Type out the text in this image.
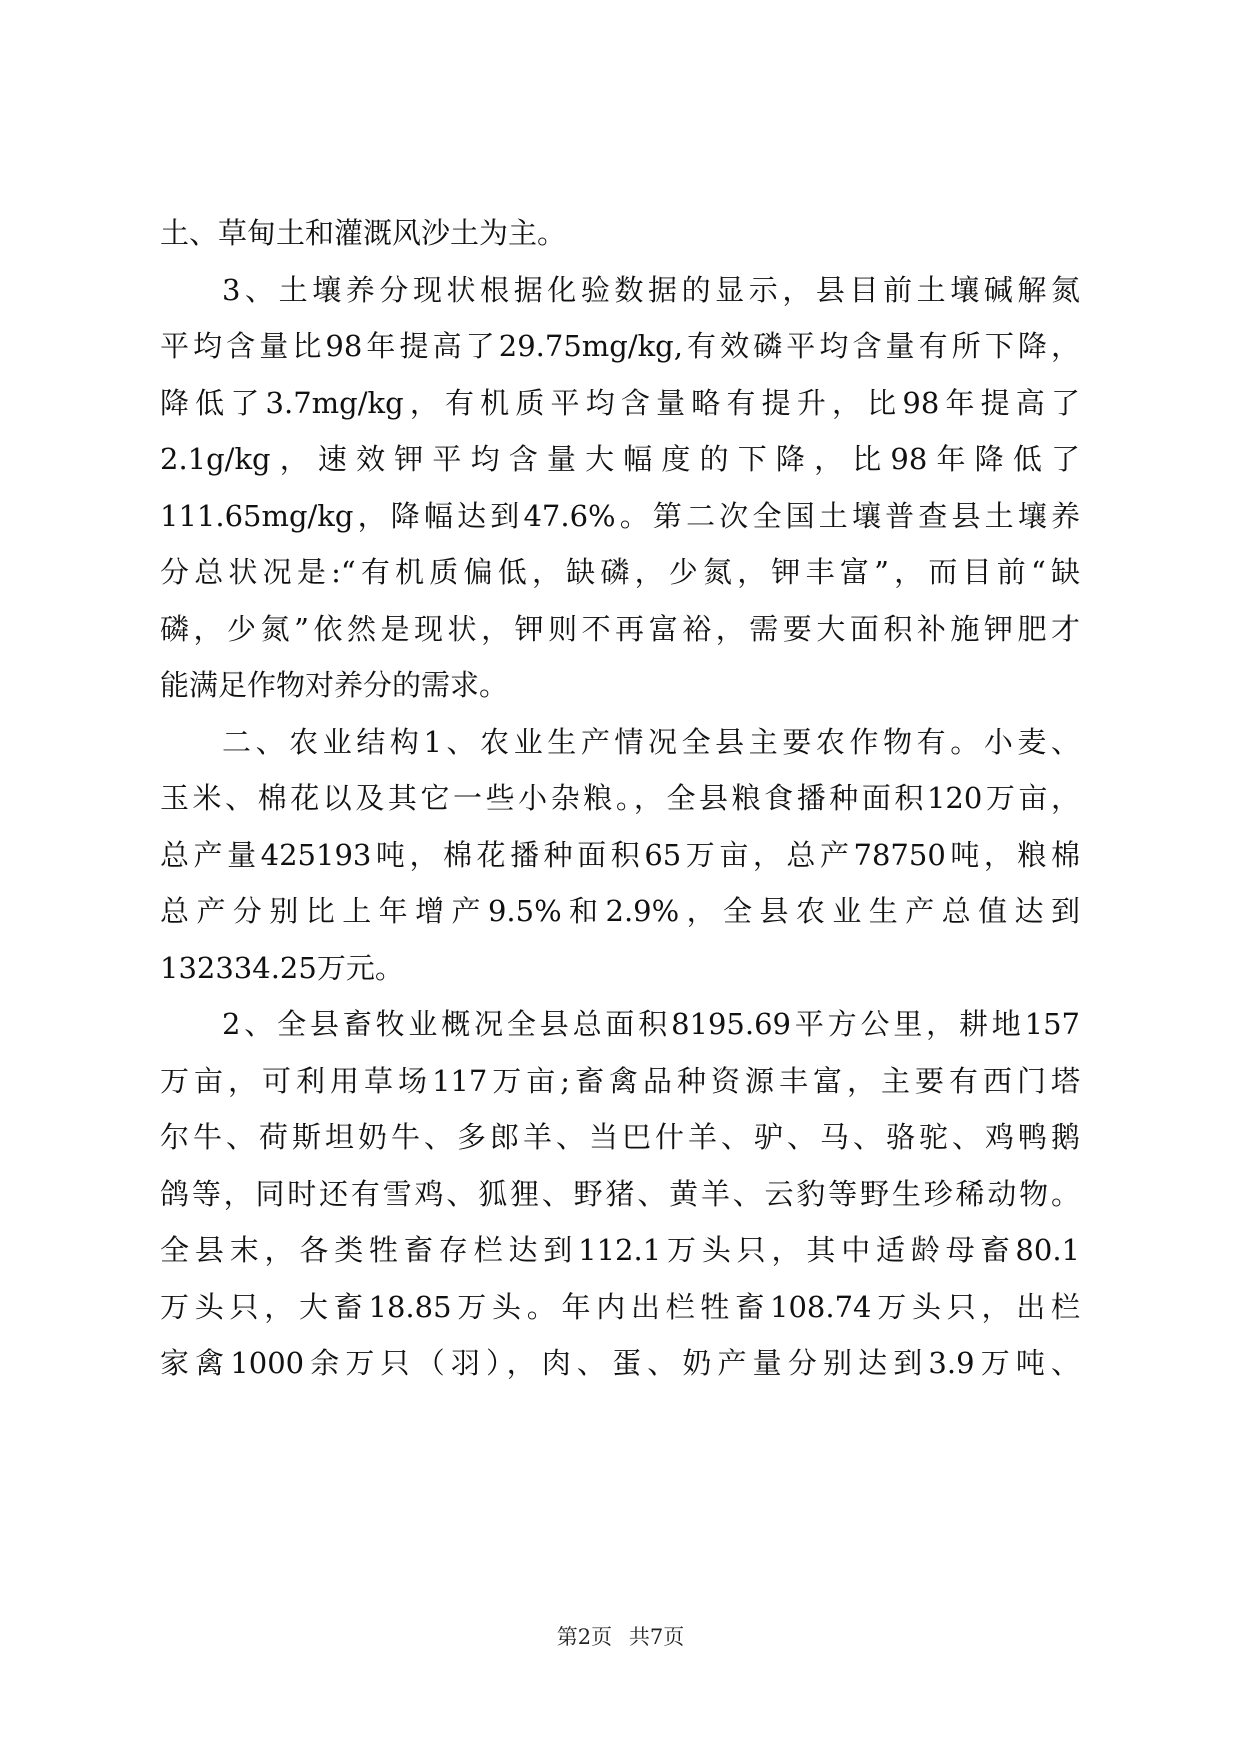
土、草甸土和灌溉风沙土为主。
3、土壤养分现状根据化验数据的显示，县目前土壤碱解氮
平均含量比98年提高了29.75mg/kg,有效磷平均含量有所下降，
降低了3.7mg/kg，有机质平均含量略有提升，比98年提高了
2.1g/kg，速效钾平均含量大幅度的下降，比98年降低了
111.65mg/kg，降幅达到47.6%。第二次全国土壤普查县土壤养
分总状况是:“有机质偏低，缺磷，少氮，钾丰富”，而目前“缺
磷，少氮”依然是现状，钾则不再富裕，需要大面积补施钾肥才
能满足作物对养分的需求。
二、农业结构1、农业生产情况全县主要农作物有。小麦、
玉米、棉花以及其它一些小杂粮。，全县粮食播种面积120万亩，
总产量425193吨，棉花播种面积65万亩，总产78750吨，粮棉
总产分别比上年增产9.5%和2.9%，全县农业生产总值达到
132334.25万元。
2、全县畜牧业概况全县总面积8195.69平方公里，耕地157
万亩，可利用草场117万亩;畜禽品种资源丰富，主要有西门塔
尔牛、荷斯坦奶牛、多郎羊、当巴什羊、驴、马、骆驼、鸡鸭鹅
鸽等，同时还有雪鸡、狐狸、野猪、黄羊、云豹等野生珍稀动物。
全县末，各类牲畜存栏达到112.1万头只，其中适龄母畜80.1
万头只，大畜18.85万头。年内出栏牲畜108.74万头只，出栏
家禽1000余万只（羽），肉、蛋、奶产量分别达到3.9万吨、
第2页 共7页
